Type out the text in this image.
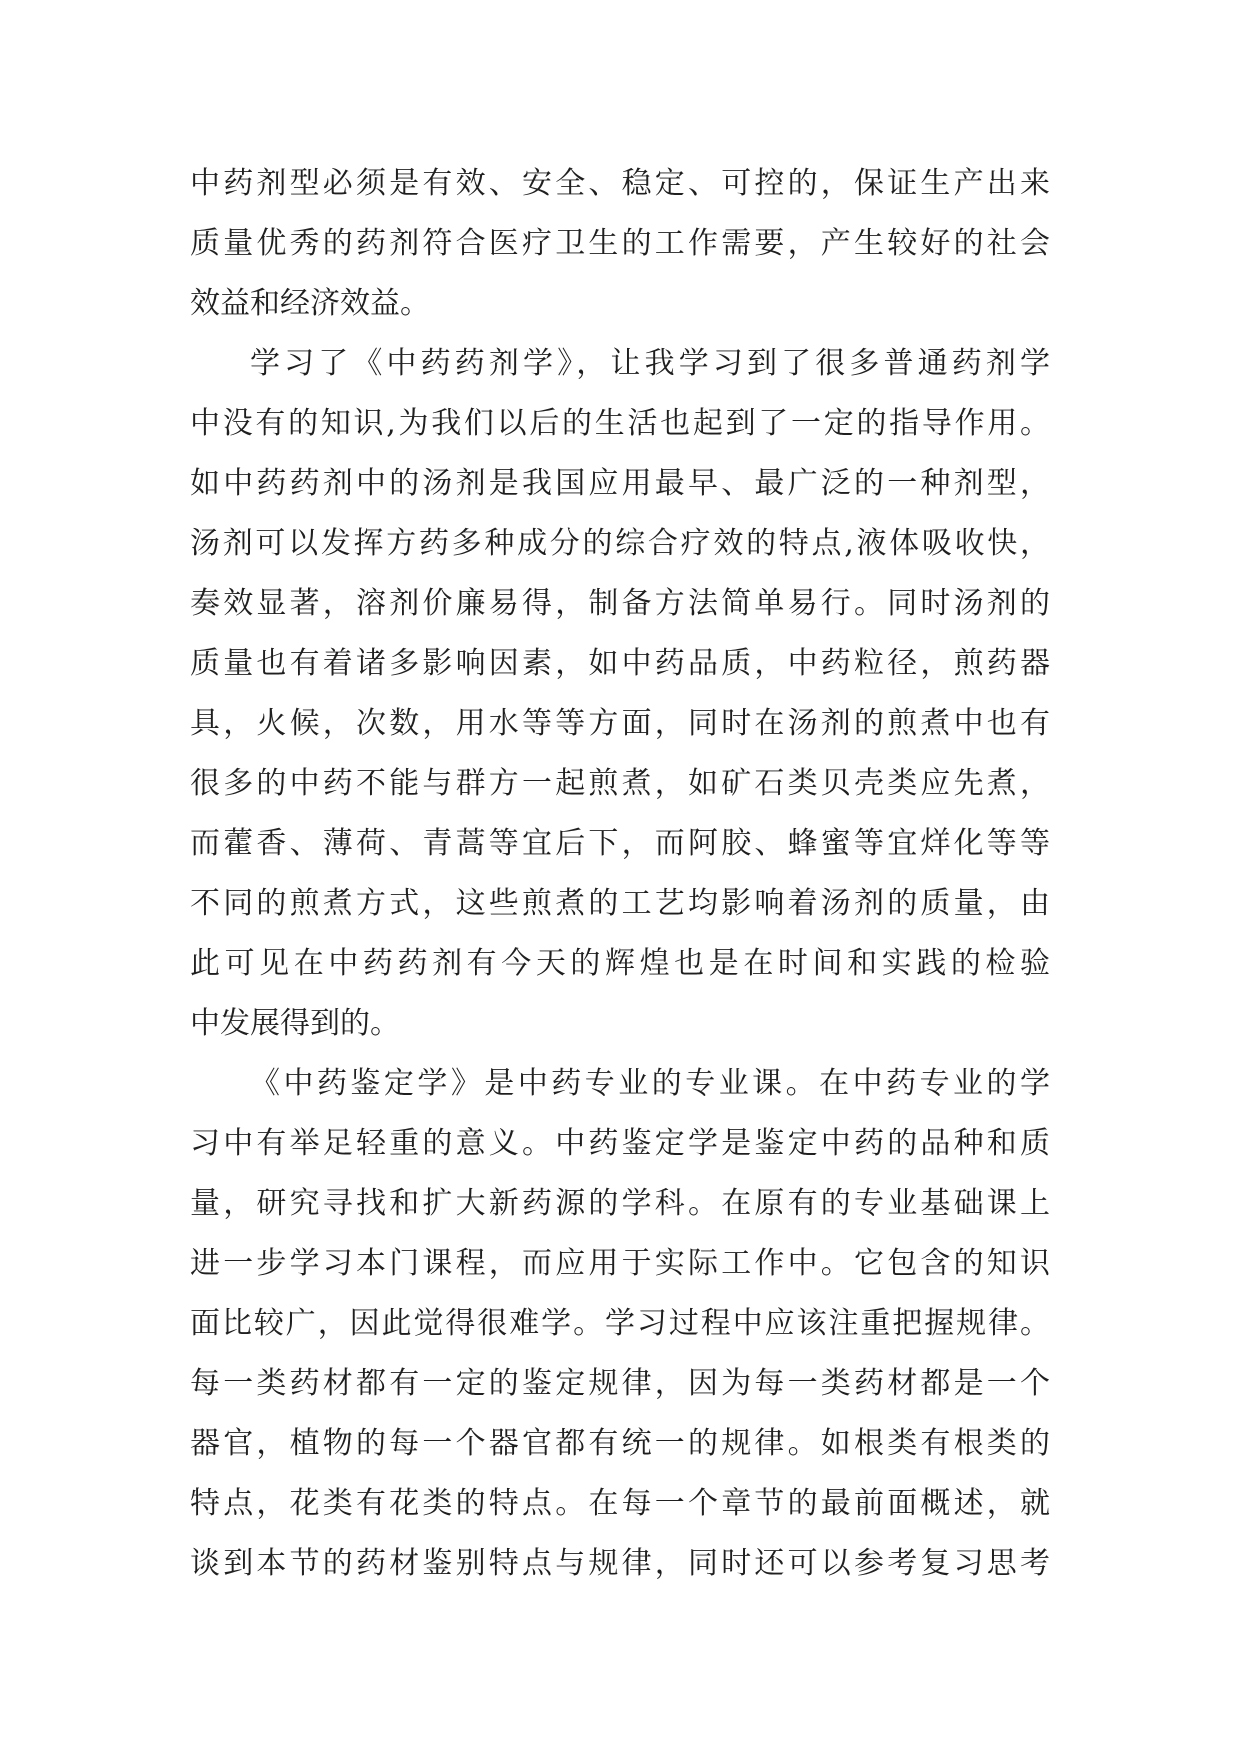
中药剂型必须是有效、安全、稳定、可控的，保证生产出来
质量优秀的药剂符合医疗卫生的工作需要，产生较好的社会
效益和经济效益。
学习了《中药药剂学》，让我学习到了很多普通药剂学
中没有的知识,为我们以后的生活也起到了一定的指导作用。
如中药药剂中的汤剂是我国应用最早、最广泛的一种剂型，
汤剂可以发挥方药多种成分的综合疗效的特点,液体吸收快，
奏效显著，溶剂价廉易得，制备方法简单易行。同时汤剂的
质量也有着诸多影响因素，如中药品质，中药粒径，煎药器
具，火候，次数，用水等等方面，同时在汤剂的煎煮中也有
很多的中药不能与群方一起煎煮，如矿石类贝壳类应先煮，
而藿香、薄荷、青蒿等宜后下，而阿胶、蜂蜜等宜烊化等等
不同的煎煮方式，这些煎煮的工艺均影响着汤剂的质量，由
此可见在中药药剂有今天的辉煌也是在时间和实践的检验
中发展得到的。
《中药鉴定学》是中药专业的专业课。在中药专业的学
习中有举足轻重的意义。中药鉴定学是鉴定中药的品种和质
量，研究寻找和扩大新药源的学科。在原有的专业基础课上
进一步学习本门课程，而应用于实际工作中。它包含的知识
面比较广，因此觉得很难学。学习过程中应该注重把握规律。
每一类药材都有一定的鉴定规律，因为每一类药材都是一个
器官，植物的每一个器官都有统一的规律。如根类有根类的
特点，花类有花类的特点。在每一个章节的最前面概述，就
谈到本节的药材鉴别特点与规律，同时还可以参考复习思考
